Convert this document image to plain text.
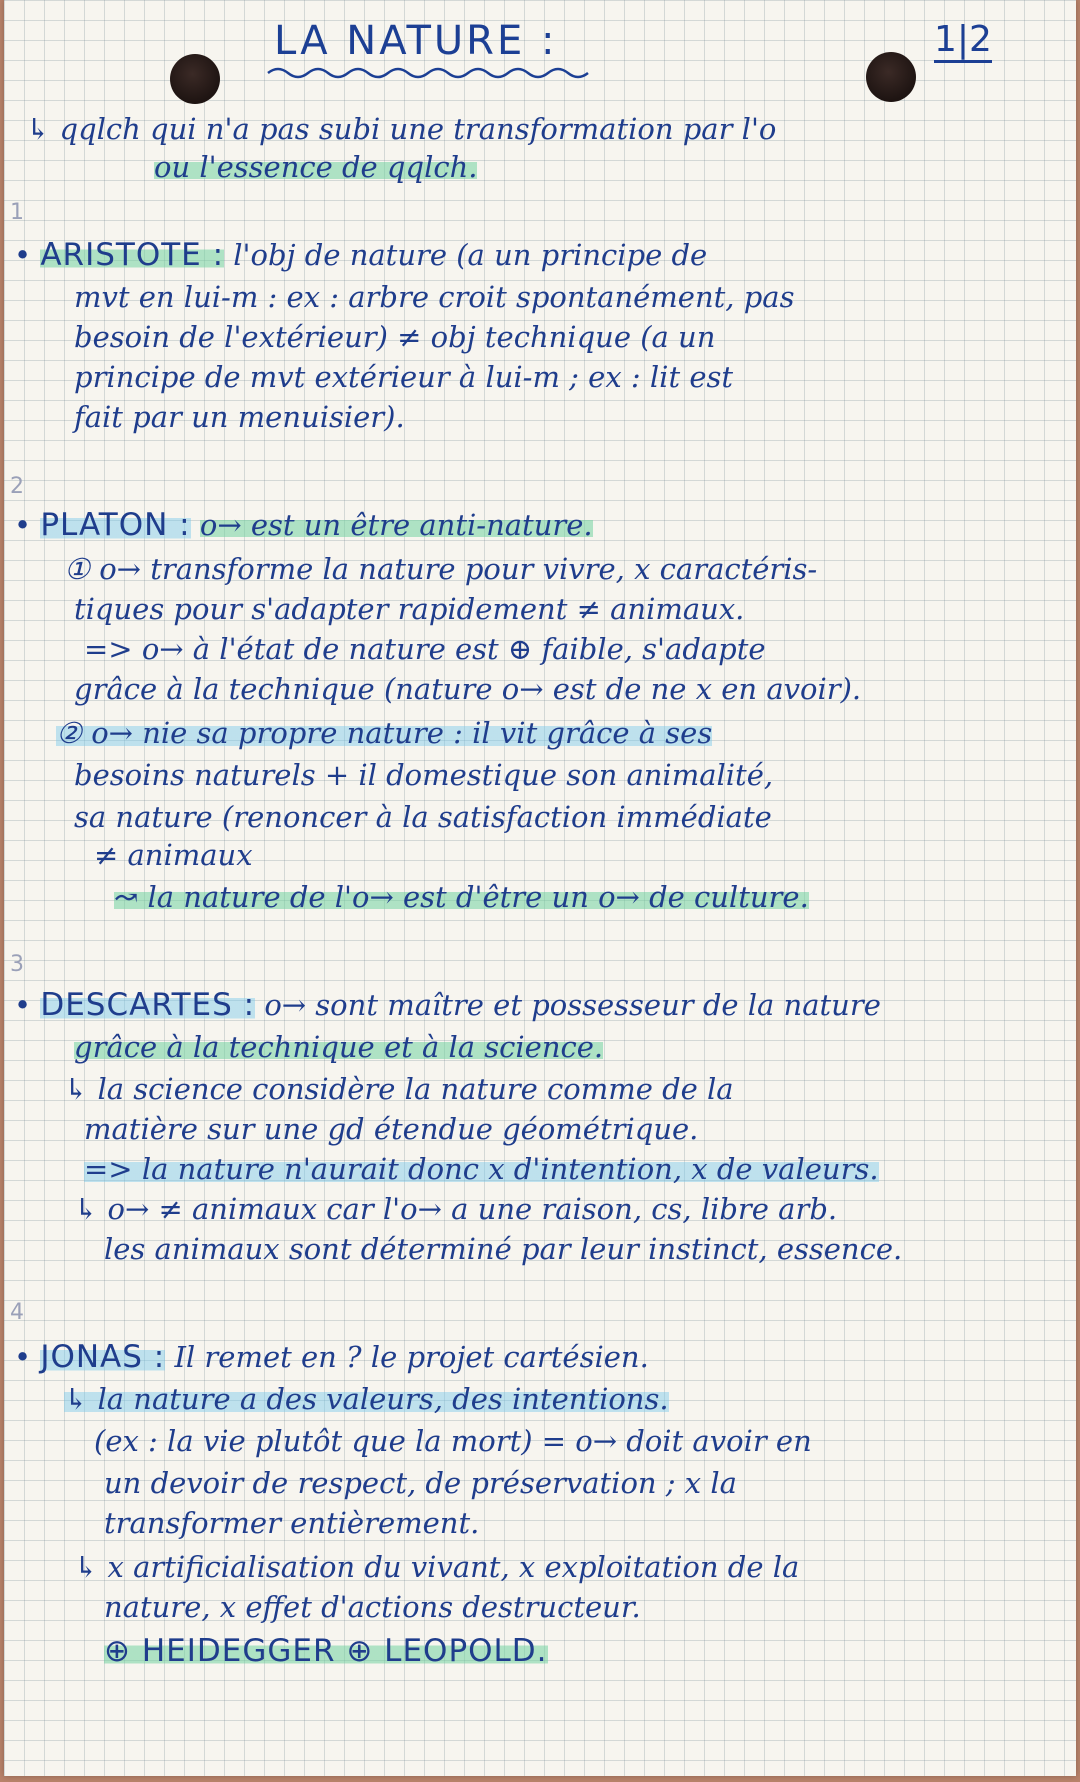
LA NATURE :	1|2
↳ qqlch qui n'a pas subi une transformation par l'o
ou l'essence de qqlch.
1
• ARISTOTE : l'obj de nature (a un principe de
mvt en lui-m : ex : arbre croit spontanément, pas
besoin de l'extérieur) ≠ obj technique (a un
principe de mvt extérieur à lui-m ; ex : lit est
fait par un menuisier).
2
• PLATON : o→ est un être anti-nature.
① o→ transforme la nature pour vivre, x caractéris-
tiques pour s'adapter rapidement ≠ animaux.
=> o→ à l'état de nature est ⊕ faible, s'adapte
grâce à la technique (nature o→ est de ne x en avoir).
② o→ nie sa propre nature : il vit grâce à ses
besoins naturels + il domestique son animalité,
sa nature (renoncer à la satisfaction immédiate
≠ animaux
↝ la nature de l'o→ est d'être un o→ de culture.
3
• DESCARTES : o→ sont maître et possesseur de la nature
grâce à la technique et à la science.
↳ la science considère la nature comme de la
matière sur une gd étendue géométrique.
=> la nature n'aurait donc x d'intention, x de valeurs.
↳ o→ ≠ animaux car l'o→ a une raison, cs, libre arb.
les animaux sont déterminé par leur instinct, essence.
4
• JONAS : Il remet en ? le projet cartésien.
↳ la nature a des valeurs, des intentions.
(ex : la vie plutôt que la mort) = o→ doit avoir en
un devoir de respect, de préservation ; x la
transformer entièrement.
↳ x artificialisation du vivant, x exploitation de la
nature, x effet d'actions destructeur.
⊕ HEIDEGGER ⊕ LEOPOLD.
